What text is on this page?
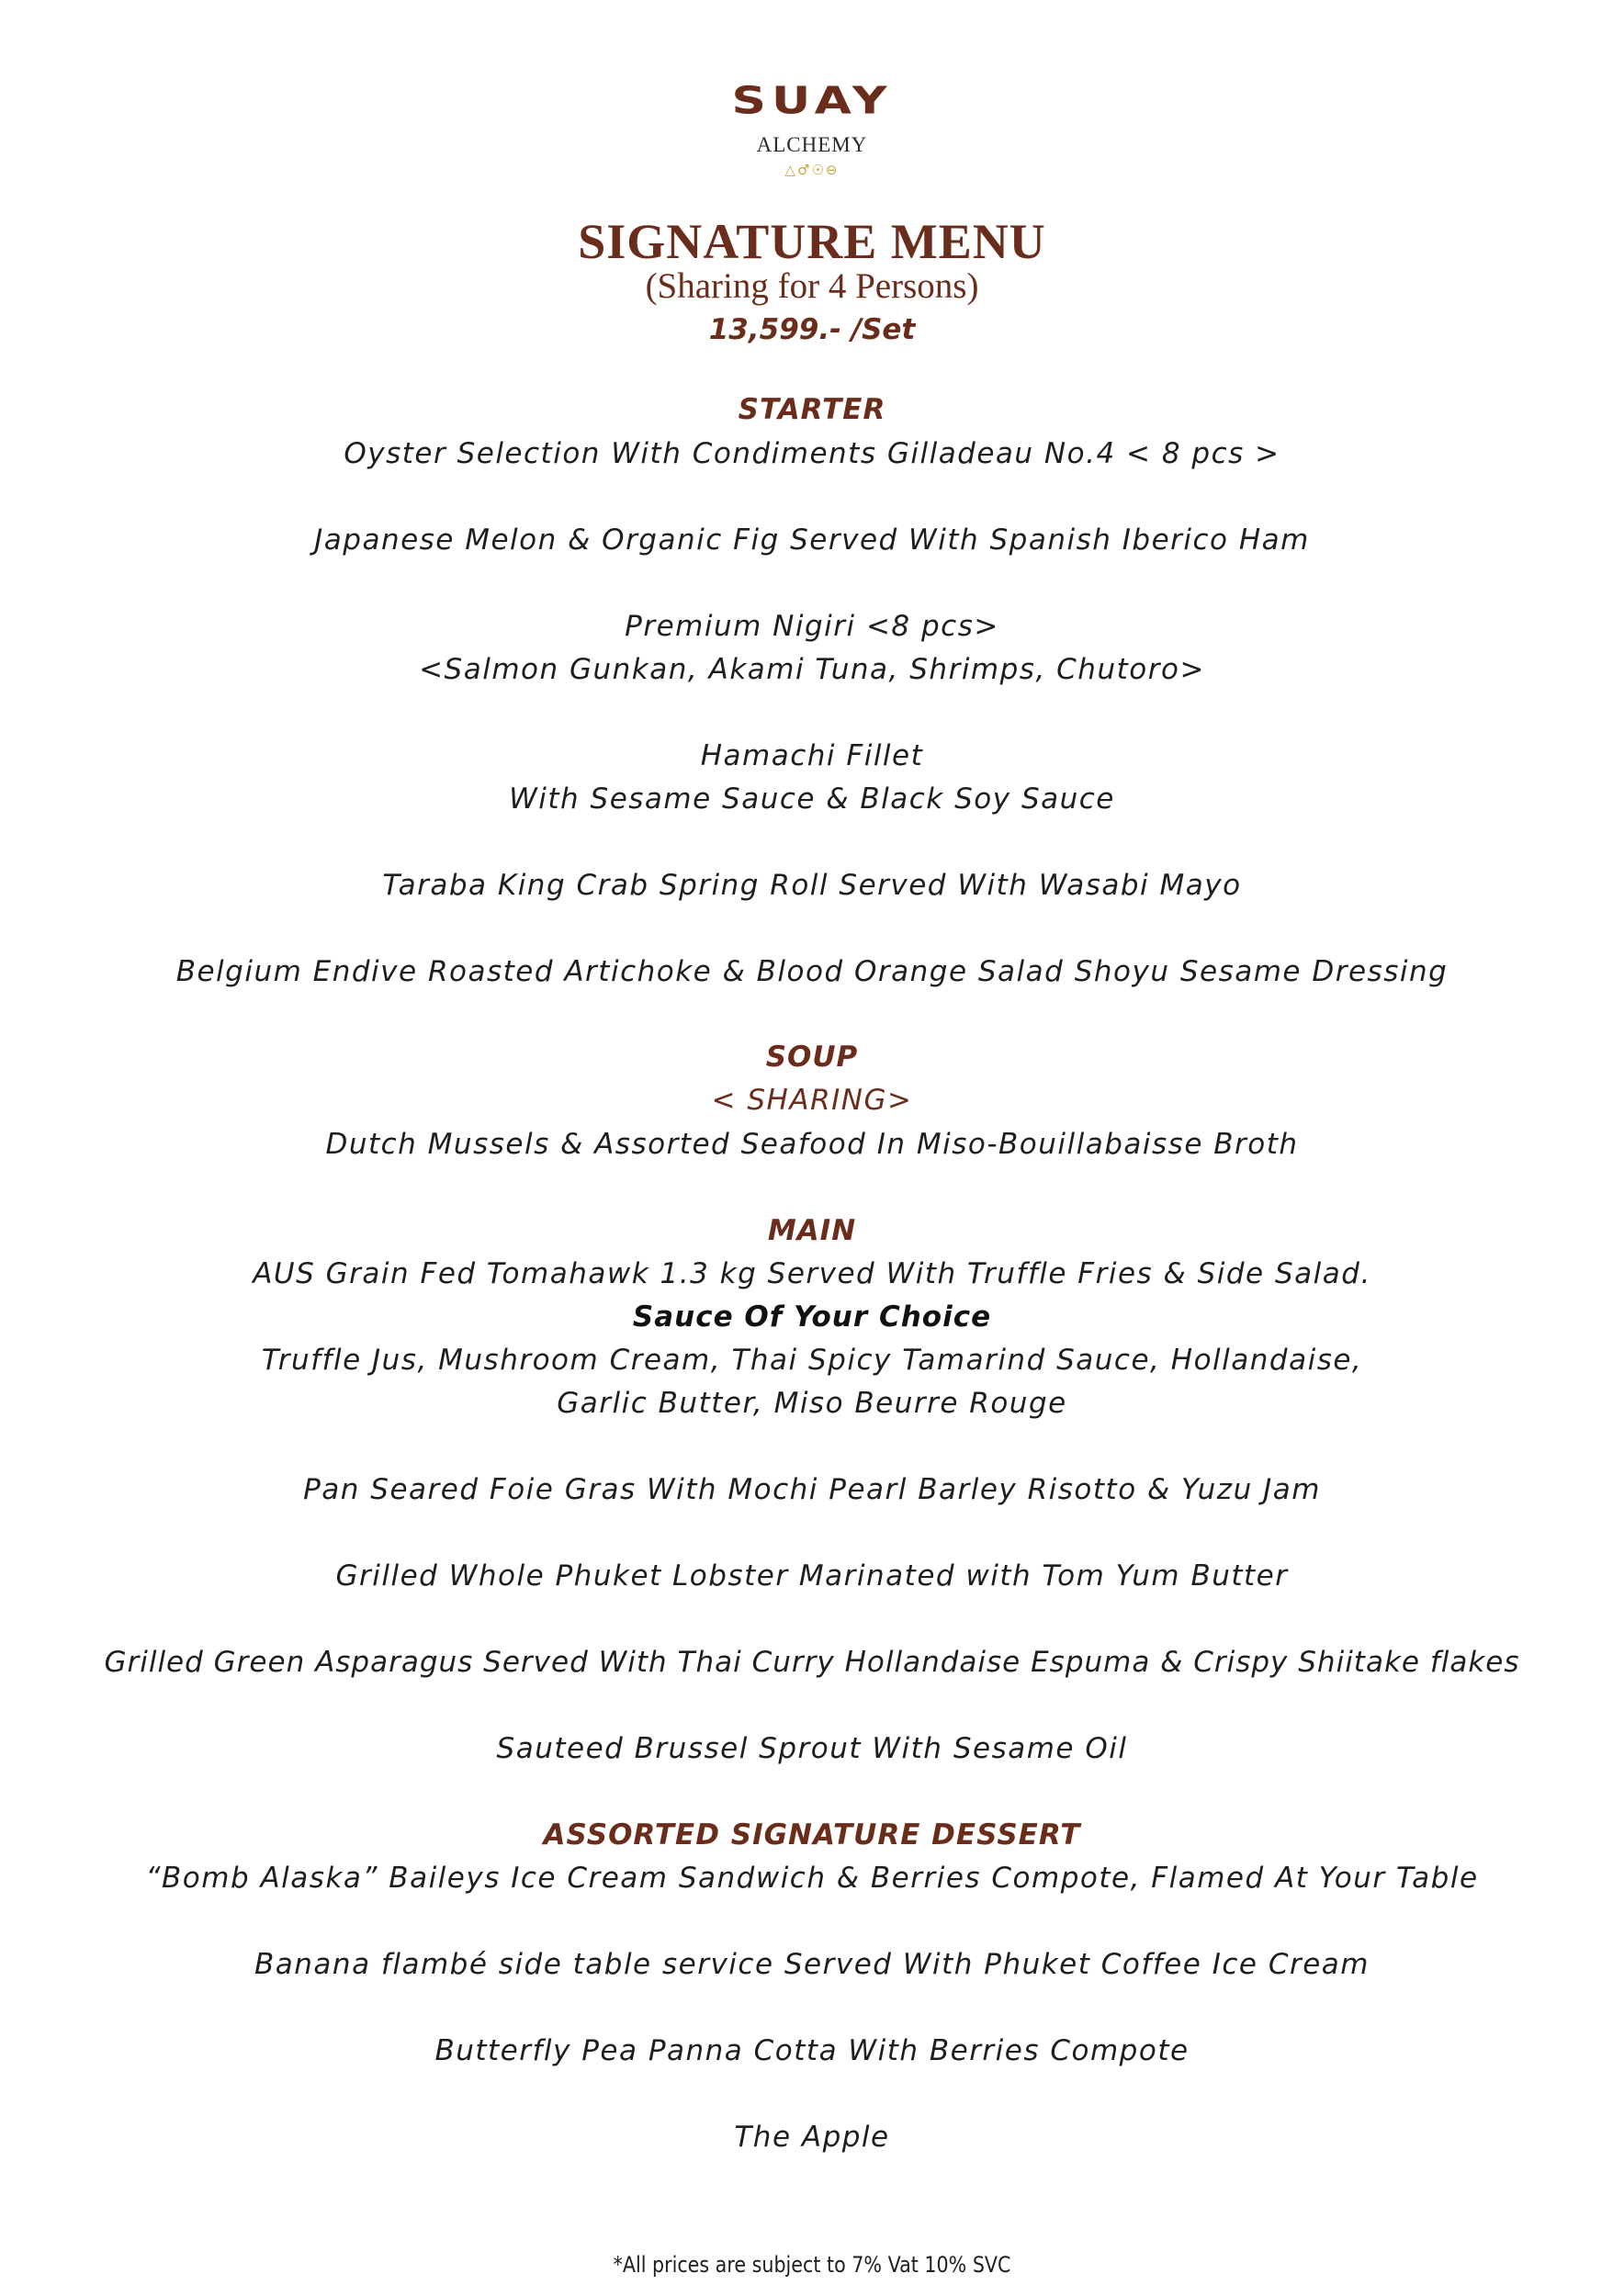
SUAY
ALCHEMY
△♂☉⊖
SIGNATURE MENU
(Sharing for 4 Persons)
13,599.- /Set
STARTER
Oyster Selection With Condiments Gilladeau No.4 < 8 pcs >
Japanese Melon & Organic Fig Served With Spanish Iberico Ham
Premium Nigiri <8 pcs>
<Salmon Gunkan, Akami Tuna, Shrimps, Chutoro>
Hamachi Fillet
With Sesame Sauce & Black Soy Sauce
Taraba King Crab Spring Roll Served With Wasabi Mayo
Belgium Endive Roasted Artichoke & Blood Orange Salad Shoyu Sesame Dressing
SOUP
< SHARING>
Dutch Mussels & Assorted Seafood In Miso-Bouillabaisse Broth
MAIN
AUS Grain Fed Tomahawk 1.3 kg Served With Truffle Fries & Side Salad.
Sauce Of Your Choice
Truffle Jus, Mushroom Cream, Thai Spicy Tamarind Sauce, Hollandaise,
Garlic Butter, Miso Beurre Rouge
Pan Seared Foie Gras With Mochi Pearl Barley Risotto & Yuzu Jam
Grilled Whole Phuket Lobster Marinated with Tom Yum Butter
Grilled Green Asparagus Served With Thai Curry Hollandaise Espuma & Crispy Shiitake flakes
Sauteed Brussel Sprout With Sesame Oil
ASSORTED SIGNATURE DESSERT
“Bomb Alaska” Baileys Ice Cream Sandwich & Berries Compote, Flamed At Your Table
Banana flambé side table service Served With Phuket Coffee Ice Cream
Butterfly Pea Panna Cotta With Berries Compote
The Apple
*All prices are subject to 7% Vat 10% SVC
